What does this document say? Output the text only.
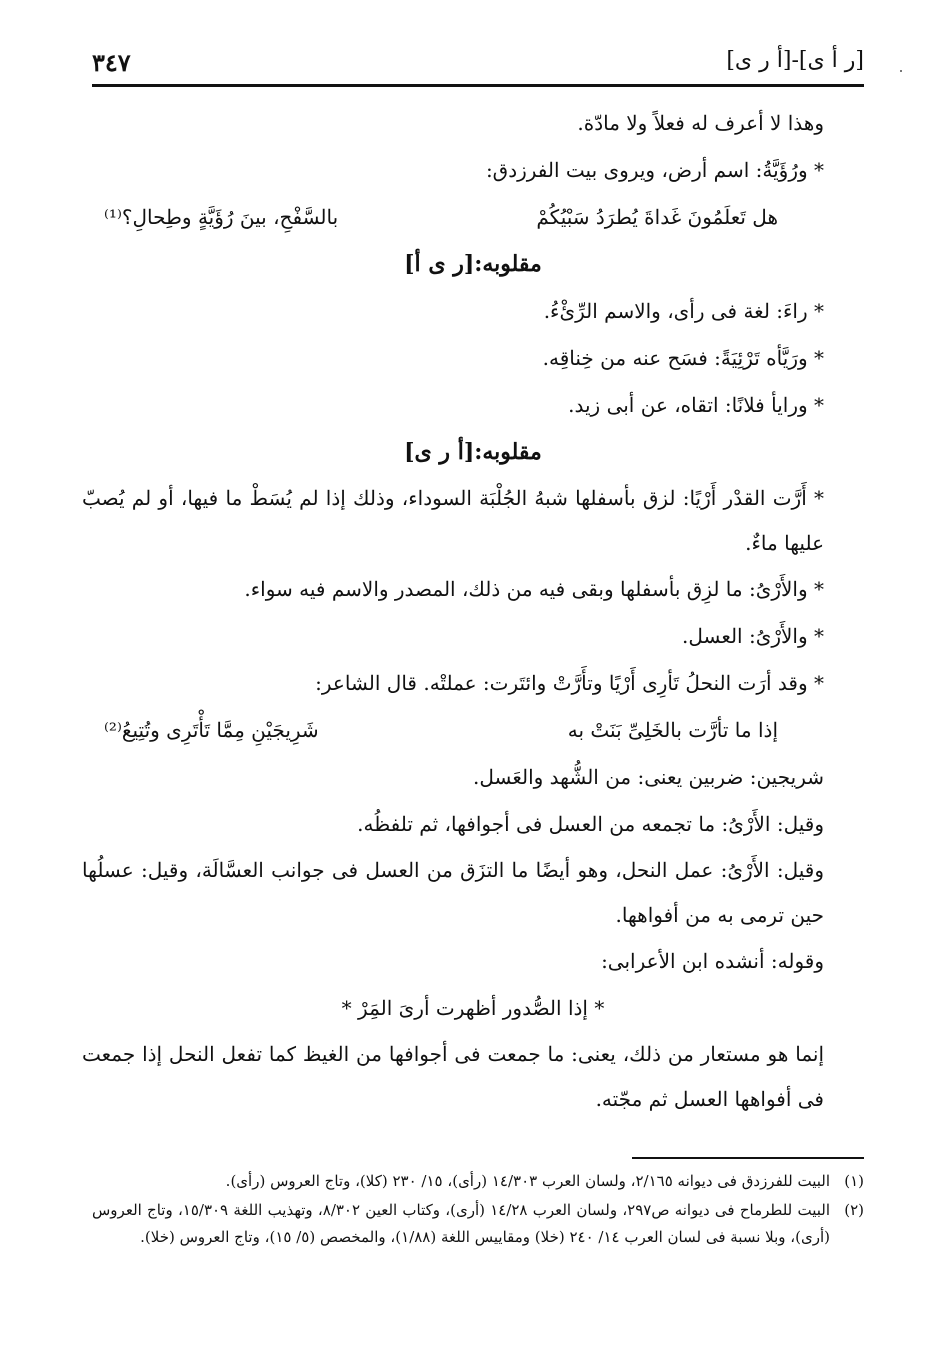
[ر أ ى]-[أ ر ى]
٣٤٧

وهذا لا أعرف له فعلاً ولا مادّة.

* ورُؤَيَّةُ: اسم أرض، ويروى بيت الفرزدق:

هل تَعلَمُونَ غَداةَ يُطرَدُ سَبْيُكُمْ
بالسَّفْحِ، بينَ رُؤَيَّةٍ وطِحالِ؟⁽¹⁾

مقلوبه:[ر ى أ]

* راءَ: لغة فى رأى، والاسم الرِّئْءُ.

* ورَيَّأه تَرْئِيَةً: فسَح عنه من خِناقِه.

* ورايأ فلانًا: اتقاه، عن أبى زيد.

مقلوبه:[أ ر ى]

* أَرَّت القدْر أَرْيًا: لزق بأسفلها شبهُ الجُلْبَة السوداء، وذلك إذا لم يُسَطْ ما فيها، أو لم يُصبّ عليها ماءٌ.

* والأَرْىُ: ما لزِق بأسفلها وبقى فيه من ذلك، المصدر والاسم فيه سواء.

* والأَرْىُ: العسل.

* وقد أرَت النحلُ تَأرِى أَرْيًا وتأَرَّتْ وائتَرت: عملتْه. قال الشاعر:

إذا ما تأرَّت بالخَلِىِّ بَنَتْ به
شَرِيجَيْنِ مِمَّا تَأْتَرِى وتُتِيعُ⁽²⁾

شريجين: ضربين يعنى: من الشُّهد والعَسل.

وقيل: الأَرْىُ: ما تجمعه من العسل فى أجوافها، ثم تلفظُه.

وقيل: الأَرْىُ: عمل النحل، وهو أيضًا ما التزَق من العسل فى جوانب العسَّالَة، وقيل: عسلُها حين ترمى به من أفواهها.

وقوله: أنشده ابن الأعرابى:

* إذا الصُّدور أظهرت أرىَ المَِرْ *

إنما هو مستعار من ذلك، يعنى: ما جمعت فى أجوافها من الغيظ كما تفعل النحل إذا جمعت فى أفواهها العسل ثم مجّته.

(١)
البيت للفرزدق فى ديوانه ٢/١٦٥، ولسان العرب ١٤/٣٠٣ (رأى)، ١٥/ ٢٣٠ (كلا)، وتاج العروس (رأى).

(٢)
البيت للطرماح فى ديوانه ص٢٩٧، ولسان العرب ١٤/٢٨ (أرى)، وكتاب العين ٨/٣٠٢، وتهذيب اللغة ١٥/٣٠٩، وتاج العروس (أرى)، وبلا نسبة فى لسان العرب ١٤/ ٢٤٠ (خلا) ومقاييس اللغة (١/٨٨)، والمخصص (٥/ ١٥)، وتاج العروس (خلا).
